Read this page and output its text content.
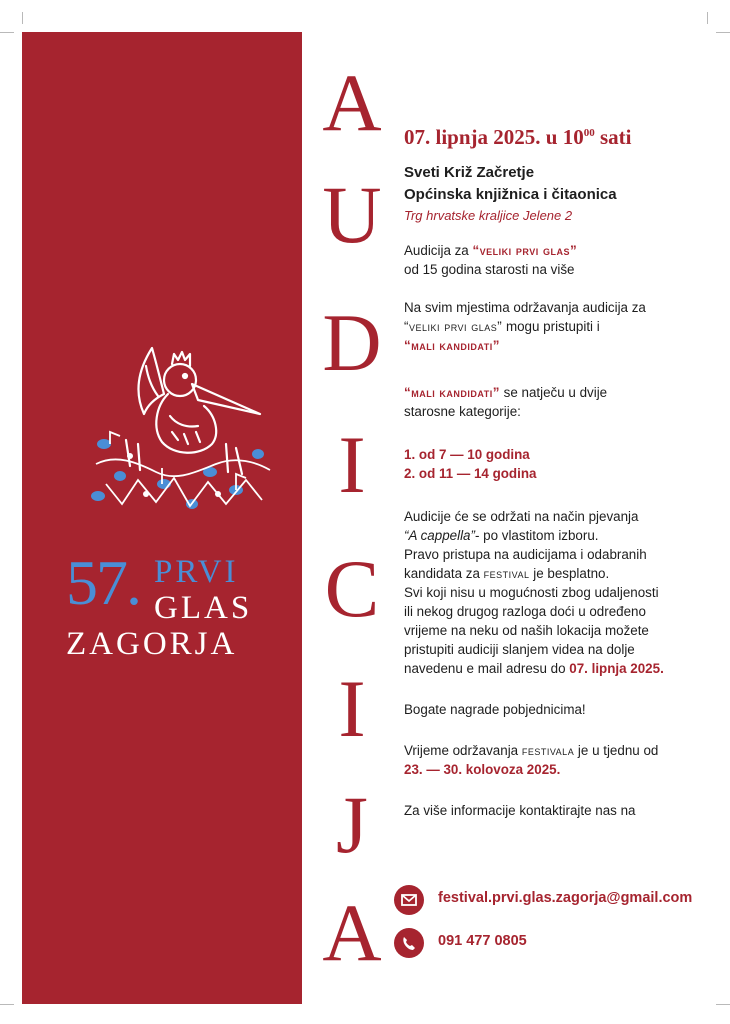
57. PRVI
GLAS
ZAGORJA
A
U
D
I
C
I
J
A

07. lipnja 2025. u $10^{00}$ sati

Sveti Križ Začretje

Općinska knjižnica i čitaonica

Trg hrvatske kraljice Jelene 2

Audicija za “veliki prvi glas”

od 15 godina starosti na više

Na svim mjestima održavanja audicija za

“veliki prvi glas” mogu pristupiti i

“mali kandidati”

“mali kandidati” se natječu u dvije

starosne kategorije:

1. od 7 — 10 godina

2. od 11 — 14 godina

Audicije će se održati na način pjevanja

“A cappella”- po vlastitom izboru.

Pravo pristupa na audicijama i odabranih

kandidata za festival je besplatno.

Svi koji nisu u mogućnosti zbog udaljenosti

ili nekog drugog razloga doći u određeno

vrijeme na neku od naših lokacija možete

pristupiti audiciji slanjem videa na dolje

navedenu e mail adresu do 07. lipnja 2025.

Bogate nagrade pobjednicima!

Vrijeme održavanja festivala je u tjednu od

23. — 30. kolovoza 2025.

Za više informacije kontaktirajte nas na

festival.prvi.glas.zagorja@gmail.com
091 477 0805
